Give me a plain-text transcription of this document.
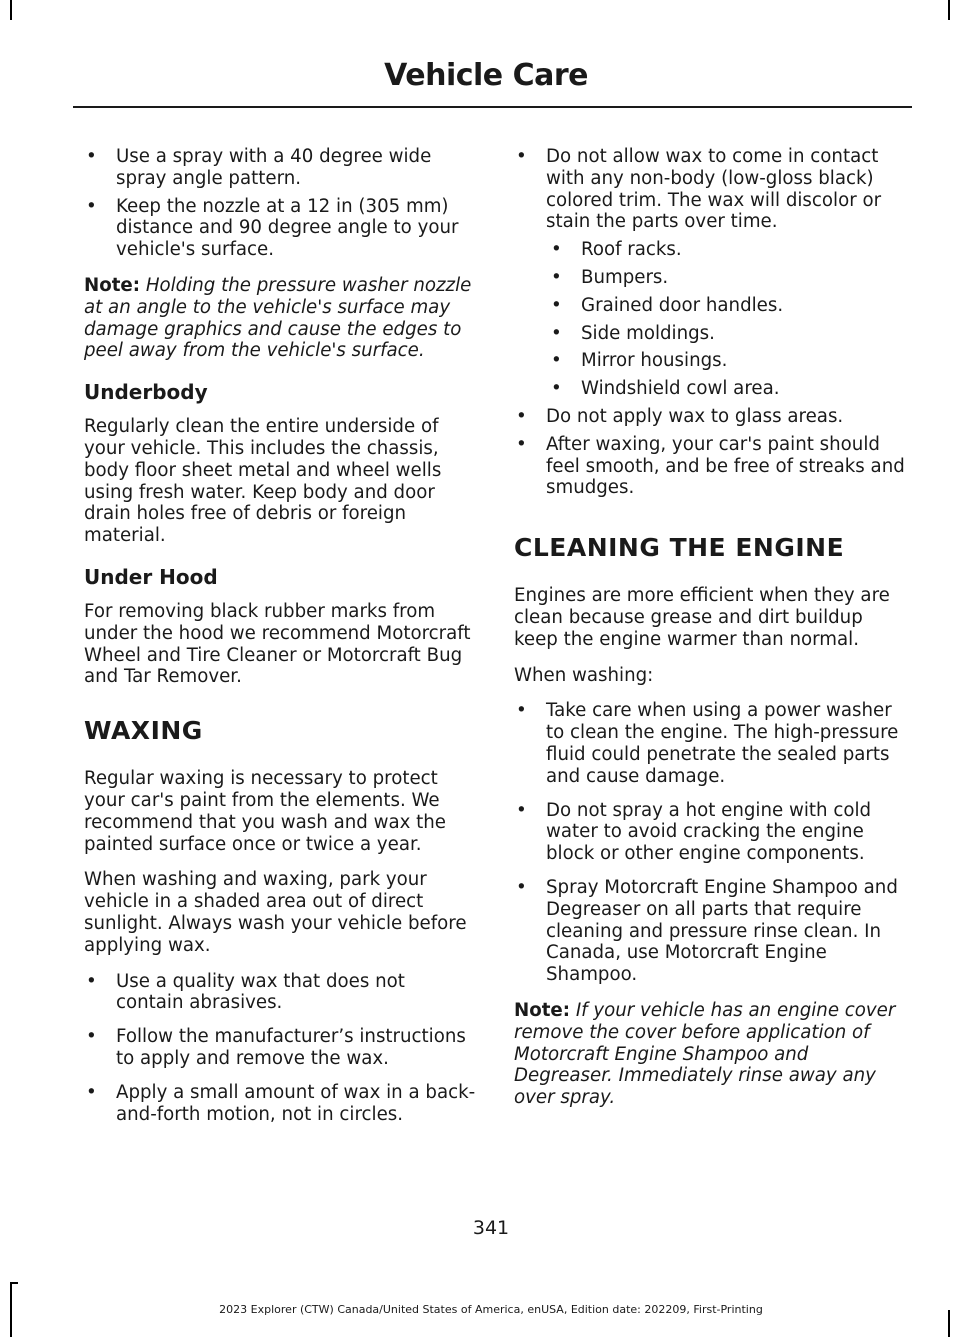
Vehicle Care
• Use a spray with a 40 degree wide spray angle pattern.
• Keep the nozzle at a 12 in (305 mm) distance and 90 degree angle to your vehicle's surface.

Note: Holding the pressure washer nozzle at an angle to the vehicle's surface may damage graphics and cause the edges to peel away from the vehicle's surface.

Underbody

Regularly clean the entire underside of your vehicle. This includes the chassis, body floor sheet metal and wheel wells using fresh water. Keep body and door drain holes free of debris or foreign material.

Under Hood

For removing black rubber marks from under the hood we recommend Motorcraft Wheel and Tire Cleaner or Motorcraft Bug and Tar Remover.

WAXING

Regular waxing is necessary to protect your car's paint from the elements. We recommend that you wash and wax the painted surface once or twice a year.

When washing and waxing, park your vehicle in a shaded area out of direct sunlight. Always wash your vehicle before applying wax.

• Use a quality wax that does not contain abrasives.
• Follow the manufacturer’s instructions to apply and remove the wax.
• Apply a small amount of wax in a back-and-forth motion, not in circles.
• Do not allow wax to come in contact with any non-body (low-gloss black) colored trim. The wax will discolor or stain the parts over time.
• Roof racks.
• Bumpers.
• Grained door handles.
• Side moldings.
• Mirror housings.
• Windshield cowl area.
• Do not apply wax to glass areas.
• After waxing, your car's paint should feel smooth, and be free of streaks and smudges.
CLEANING THE ENGINE

Engines are more efficient when they are clean because grease and dirt buildup keep the engine warmer than normal.

When washing:

• Take care when using a power washer to clean the engine. The high-pressure fluid could penetrate the sealed parts and cause damage.
• Do not spray a hot engine with cold water to avoid cracking the engine block or other engine components.
• Spray Motorcraft Engine Shampoo and Degreaser on all parts that require cleaning and pressure rinse clean. In Canada, use Motorcraft Engine Shampoo.

Note: If your vehicle has an engine cover remove the cover before application of Motorcraft Engine Shampoo and Degreaser. Immediately rinse away any over spray.

341
2023 Explorer (CTW) Canada/United States of America, enUSA, Edition date: 202209, First-Printing
